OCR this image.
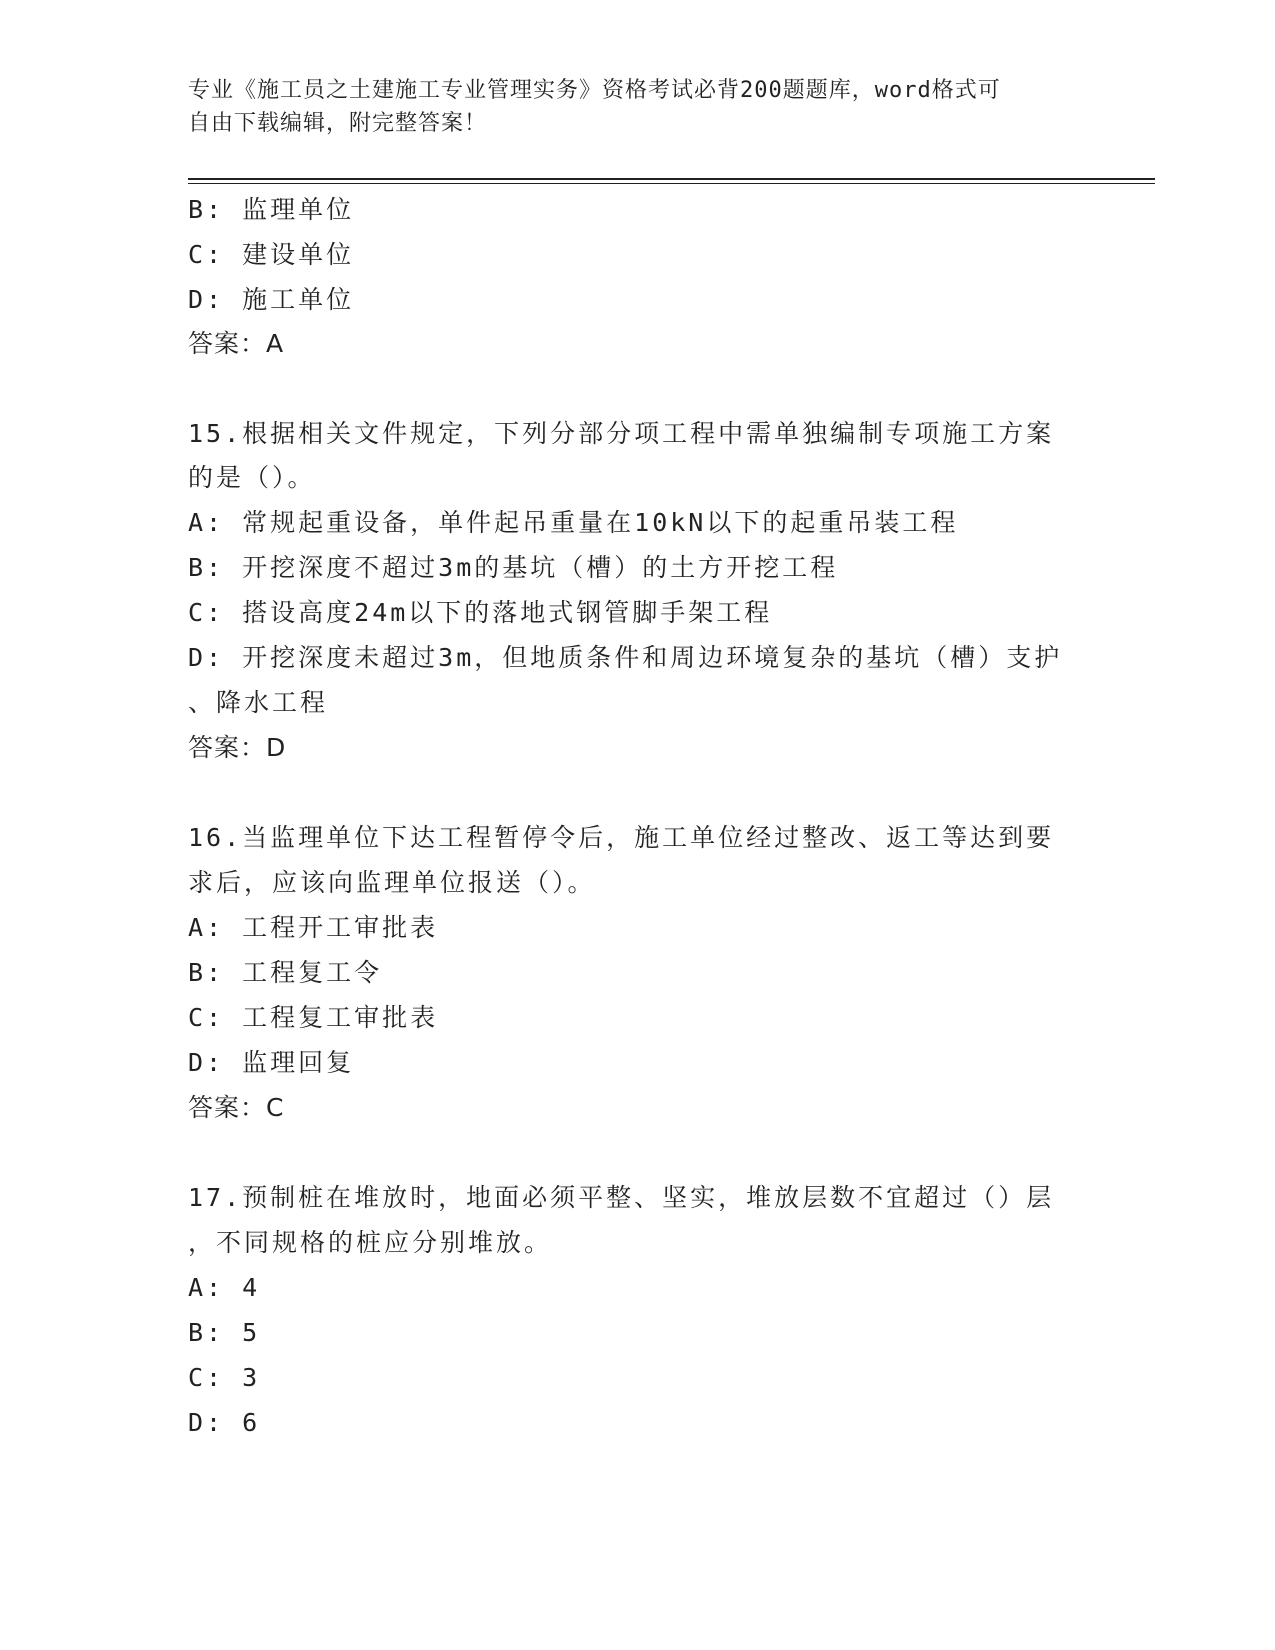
专业《施工员之土建施工专业管理实务》资格考试必背200题题库，word格式可
自由下载编辑，附完整答案！
B: 监理单位
C: 建设单位
D: 施工单位
答案：A
15.根据相关文件规定，下列分部分项工程中需单独编制专项施工方案
的是（）。
A: 常规起重设备，单件起吊重量在10kN以下的起重吊装工程
B: 开挖深度不超过3m的基坑（槽）的土方开挖工程
C: 搭设高度24m以下的落地式钢管脚手架工程
D: 开挖深度未超过3m，但地质条件和周边环境复杂的基坑（槽）支护
、降水工程
答案：D
16.当监理单位下达工程暂停令后，施工单位经过整改、返工等达到要
求后，应该向监理单位报送（）。
A: 工程开工审批表
B: 工程复工令
C: 工程复工审批表
D: 监理回复
答案：C
17.预制桩在堆放时，地面必须平整、坚实，堆放层数不宜超过（）层
，不同规格的桩应分别堆放。
A: 4
B: 5
C: 3
D: 6
